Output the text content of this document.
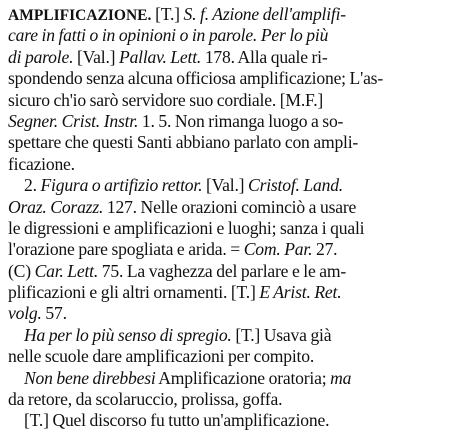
AMPLIFICAZIONE. [T.] S. f. Azione dell'amplifi-
care in fatti o in opinioni o in parole. Per lo più
di parole. [Val.] Pallav. Lett. 178. Alla quale ri-
spondendo senza alcuna officiosa amplificazione; L'as-
sicuro ch'io sarò servidore suo cordiale. [M.F.]
Segner. Crist. Instr. 1. 5. Non rimanga luogo a so-
spettare che questi Santi abbiano parlato con ampli-
ficazione.
2. Figura o artifizio rettor. [Val.] Cristof. Land.
Oraz. Corazz. 127. Nelle orazioni cominciò a usare
le digressioni e amplificazioni e luoghi; sanza i quali
l'orazione pare spogliata e arida. = Com. Par. 27.
(C) Car. Lett. 75. La vaghezza del parlare e le am-
plificazioni e gli altri ornamenti. [T.] E Arist. Ret.
volg. 57.
Ha per lo più senso di spregio. [T.] Usava già
nelle scuole dare amplificazioni per compito.
Non bene direbbesi Amplificazione oratoria; ma
da retore, da scolaruccio, prolissa, goffa.
[T.] Quel discorso fu tutto un'amplificazione.
